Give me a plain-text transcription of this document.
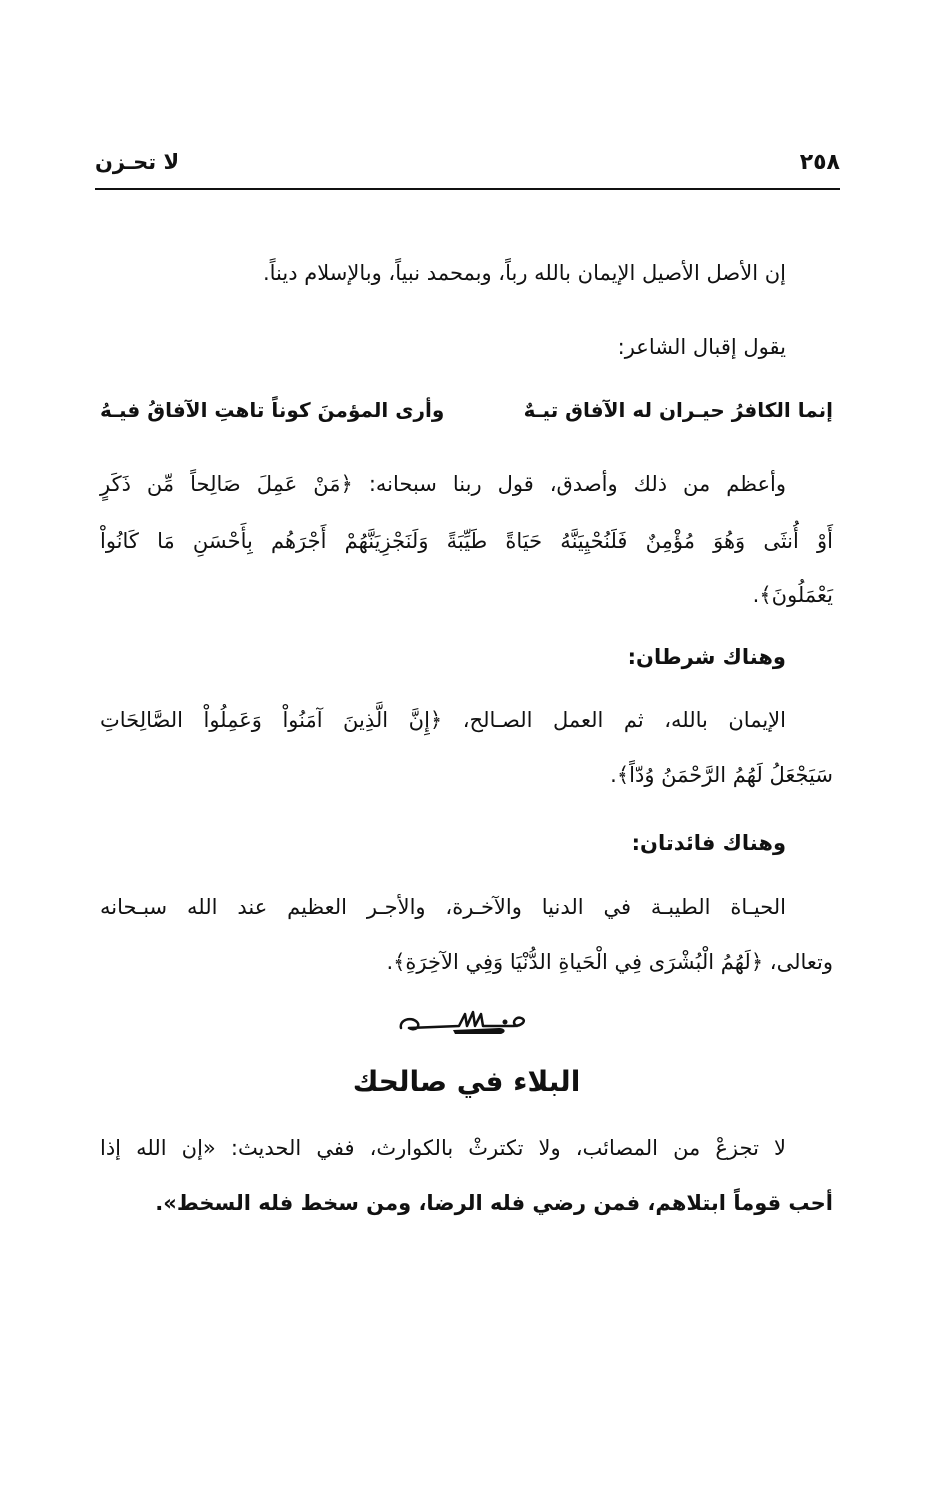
لا تحـزن	٢٥٨
إن الأصل الأصيل الإيمان بالله رباً، وبمحمد نبياً، وبالإسلام ديناً.
يقول إقبال الشاعر:
إنما الكافرُ حيـران له الآفاق تيـهٌ
وأرى المؤمنَ كوناً تاهتِ الآفاقُ فيـهُ
وأعظم من ذلك وأصدق، قول ربنا سبحانه: ﴿مَنْ عَمِلَ صَالِحاً مِّن ذَكَرٍ
أَوْ أُنثَى وَهُوَ مُؤْمِنٌ فَلَنُحْيِيَنَّهُ حَيَاةً طَيِّبَةً وَلَنَجْزِيَنَّهُمْ أَجْرَهُم بِأَحْسَنِ مَا كَانُواْ
يَعْمَلُونَ﴾.
وهناك شرطان:
الإيمان بالله، ثم العمل الصـالح، ﴿إِنَّ الَّذِينَ آمَنُواْ وَعَمِلُواْ الصَّالِحَاتِ
سَيَجْعَلُ لَهُمُ الرَّحْمَنُ وُدّاً﴾.
وهناك فائدتان:
الحيـاة الطيبـة في الدنيا والآخـرة، والأجـر العظيم عند الله سبـحانه
وتعالى، ﴿لَهُمُ الْبُشْرَى فِي الْحَياةِ الدُّنْيَا وَفِي الآخِرَةِ﴾.
البلاء في صالحك
لا تجزعْ من المصائب، ولا تكترثْ بالكوارث، ففي الحديث: «إن الله إذا
أحب قوماً ابتلاهم، فمن رضي فله الرضا، ومن سخط فله السخط».
